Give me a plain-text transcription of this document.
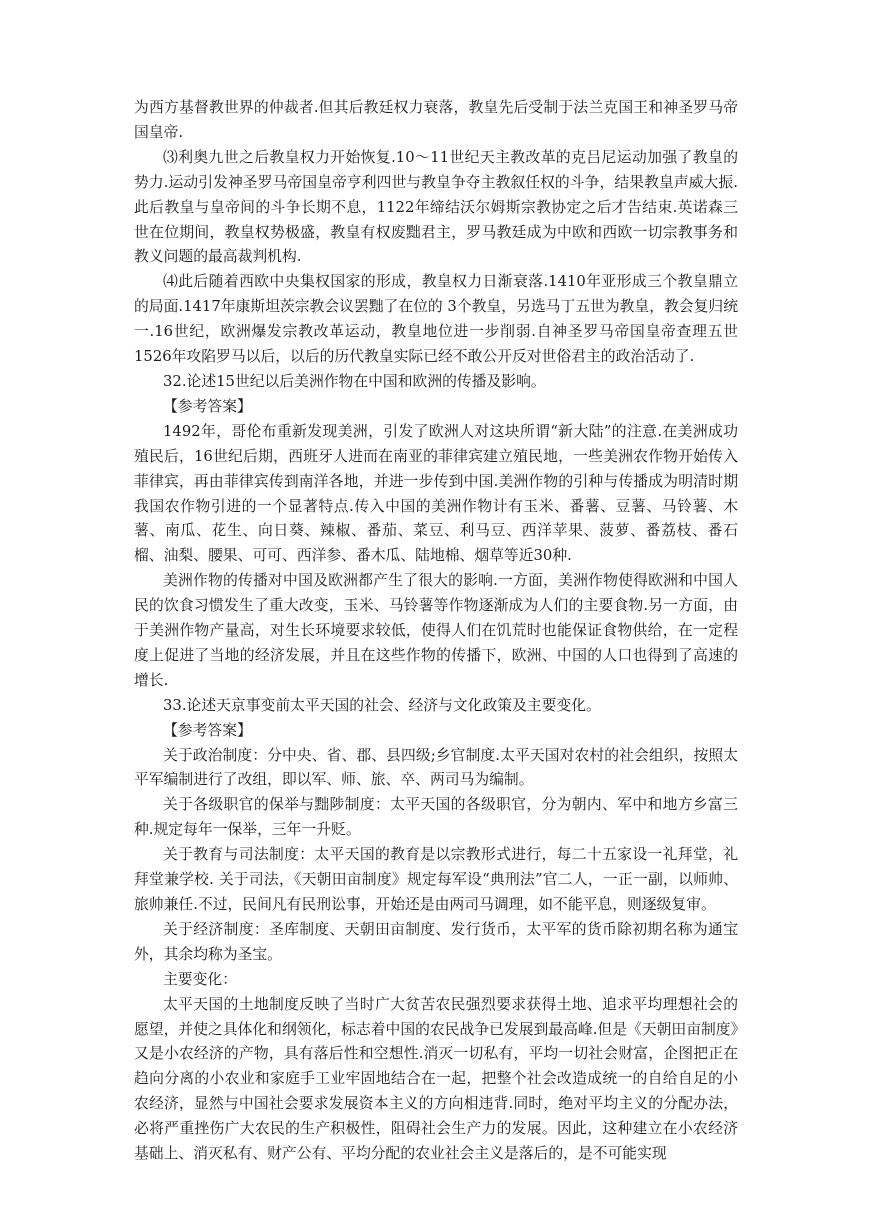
为西方基督教世界的仲裁者.但其后教廷权力衰落，教皇先后受制于法兰克国王和神圣罗马帝国皇帝.

⑶利奥九世之后教皇权力开始恢复.10～11世纪天主教改革的克吕尼运动加强了教皇的势力.运动引发神圣罗马帝国皇帝亨利四世与教皇争夺主教叙任权的斗争，结果教皇声威大振.此后教皇与皇帝间的斗争长期不息，1122年缔结沃尔姆斯宗教协定之后才告结束.英诺森三世在位期间，教皇权势极盛，教皇有权废黜君主，罗马教廷成为中欧和西欧一切宗教事务和教义问题的最高裁判机构.

⑷此后随着西欧中央集权国家的形成，教皇权力日渐衰落.1410年亚形成三个教皇鼎立的局面.1417年康斯坦茨宗教会议罢黜了在位的 3个教皇，另选马丁五世为教皇，教会复归统一.16世纪，欧洲爆发宗教改革运动，教皇地位进一步削弱.自神圣罗马帝国皇帝查理五世 1526年攻陷罗马以后，以后的历代教皇实际已经不敢公开反对世俗君主的政治活动了.

32.论述15世纪以后美洲作物在中国和欧洲的传播及影响。

【参考答案】

1492年，哥伦布重新发现美洲，引发了欧洲人对这块所谓“新大陆”的注意.在美洲成功殖民后，16世纪后期，西班牙人进而在南亚的菲律宾建立殖民地，一些美洲农作物开始传入菲律宾，再由菲律宾传到南洋各地，并进一步传到中国.美洲作物的引种与传播成为明清时期我国农作物引进的一个显著特点.传入中国的美洲作物计有玉米、番薯、豆薯、马铃薯、木薯、南瓜、花生、向日葵、辣椒、番茄、菜豆、利马豆、西洋苹果、菠萝、番荔枝、番石榴、油梨、腰果、可可、西洋参、番木瓜、陆地棉、烟草等近30种.

美洲作物的传播对中国及欧洲都产生了很大的影响.一方面，美洲作物使得欧洲和中国人民的饮食习惯发生了重大改变，玉米、马铃薯等作物逐渐成为人们的主要食物.另一方面，由于美洲作物产量高，对生长环境要求较低，使得人们在饥荒时也能保证食物供给，在一定程度上促进了当地的经济发展，并且在这些作物的传播下，欧洲、中国的人口也得到了高速的增长.

33.论述天京事变前太平天国的社会、经济与文化政策及主要变化。

【参考答案】

关于政治制度：分中央、省、郡、县四级;乡官制度.太平天国对农村的社会组织，按照太平军编制进行了改组，即以军、师、旅、卒、两司马为编制。

关于各级职官的保举与黜陟制度：太平天国的各级职官，分为朝内、军中和地方乡富三种.规定每年一保举，三年一升贬。

关于教育与司法制度：太平天国的教育是以宗教形式进行，每二十五家设一礼拜堂，礼拜堂兼学校. 关于司法，《天朝田亩制度》规定每军设“典刑法”官二人，一正一副，以师帅、旅帅兼任.不过，民间凡有民刑讼事，开始还是由两司马调理，如不能平息，则逐级复审。

关于经济制度：圣库制度、天朝田亩制度、发行货币，太平军的货币除初期名称为通宝外，其余均称为圣宝。

主要变化：

太平天国的土地制度反映了当时广大贫苦农民强烈要求获得土地、追求平均理想社会的愿望，并使之具体化和纲领化，标志着中国的农民战争已发展到最高峰.但是《天朝田亩制度》又是小农经济的产物，具有落后性和空想性.消灭一切私有，平均一切社会财富，企图把正在趋向分离的小农业和家庭手工业牢固地结合在一起，把整个社会改造成统一的自给自足的小农经济，显然与中国社会要求发展资本主义的方向相违背.同时，绝对平均主义的分配办法，必将严重挫伤广大农民的生产积极性，阻碍社会生产力的发展。因此，这种建立在小农经济基础上、消灭私有、财产公有、平均分配的农业社会主义是落后的，是不可能实现
